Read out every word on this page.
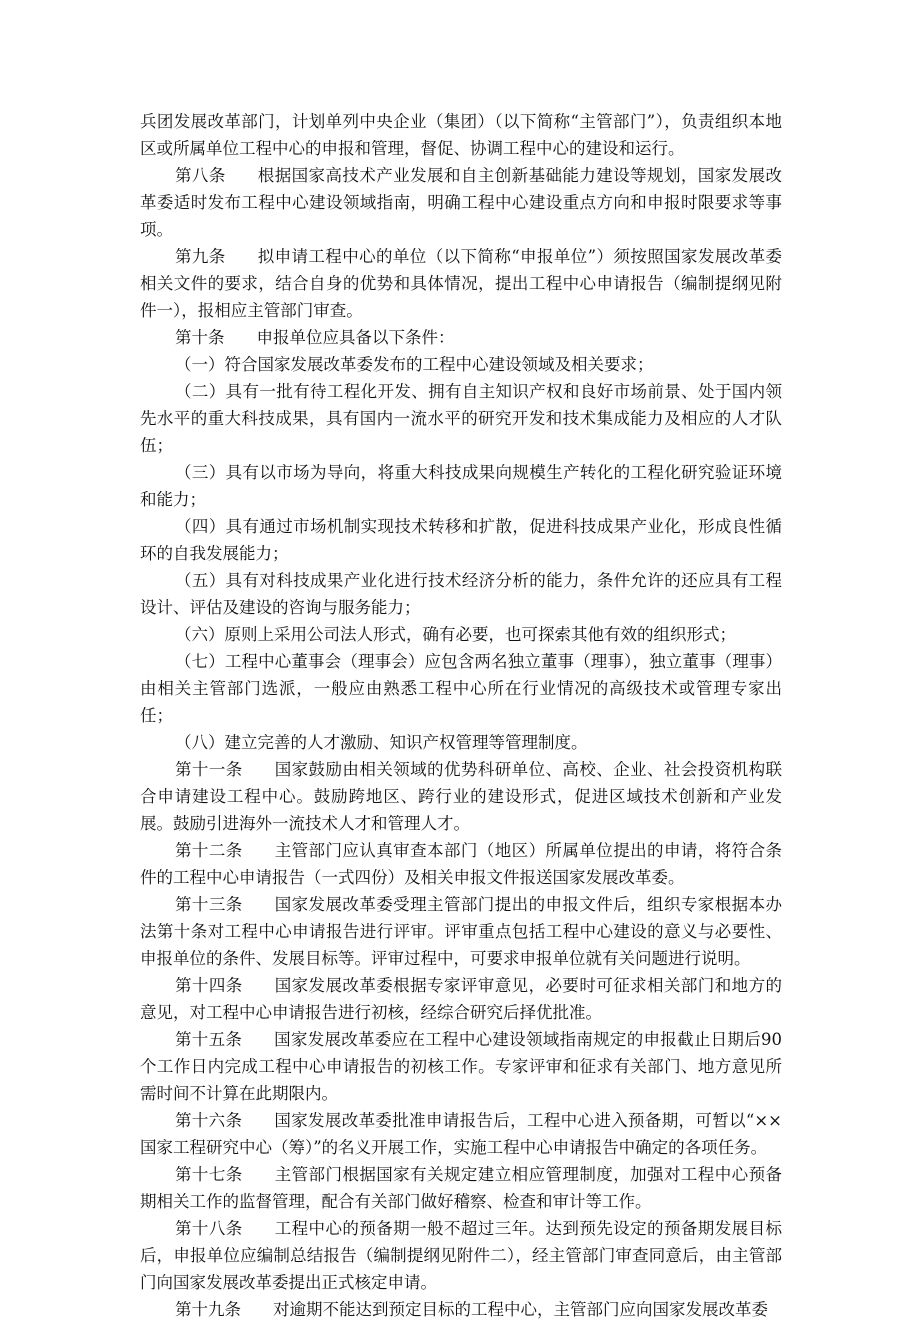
兵团发展改革部门，计划单列中央企业（集团）（以下简称“主管部门”），负责组织本地区或所属单位工程中心的申报和管理，督促、协调工程中心的建设和运行。

第八条 根据国家高技术产业发展和自主创新基础能力建设等规划，国家发展改革委适时发布工程中心建设领域指南，明确工程中心建设重点方向和申报时限要求等事项。

第九条 拟申请工程中心的单位（以下简称“申报单位”）须按照国家发展改革委相关文件的要求，结合自身的优势和具体情况，提出工程中心申请报告（编制提纲见附件一），报相应主管部门审查。

第十条 申报单位应具备以下条件：

（一）符合国家发展改革委发布的工程中心建设领域及相关要求；

（二）具有一批有待工程化开发、拥有自主知识产权和良好市场前景、处于国内领先水平的重大科技成果，具有国内一流水平的研究开发和技术集成能力及相应的人才队伍；

（三）具有以市场为导向，将重大科技成果向规模生产转化的工程化研究验证环境和能力；

（四）具有通过市场机制实现技术转移和扩散，促进科技成果产业化，形成良性循环的自我发展能力；

（五）具有对科技成果产业化进行技术经济分析的能力，条件允许的还应具有工程设计、评估及建设的咨询与服务能力；

（六）原则上采用公司法人形式，确有必要，也可探索其他有效的组织形式；

（七）工程中心董事会（理事会）应包含两名独立董事（理事），独立董事（理事）由相关主管部门选派，一般应由熟悉工程中心所在行业情况的高级技术或管理专家出任；

（八）建立完善的人才激励、知识产权管理等管理制度。

第十一条 国家鼓励由相关领域的优势科研单位、高校、企业、社会投资机构联合申请建设工程中心。鼓励跨地区、跨行业的建设形式，促进区域技术创新和产业发展。鼓励引进海外一流技术人才和管理人才。

第十二条 主管部门应认真审查本部门（地区）所属单位提出的申请，将符合条件的工程中心申请报告（一式四份）及相关申报文件报送国家发展改革委。

第十三条 国家发展改革委受理主管部门提出的申报文件后，组织专家根据本办法第十条对工程中心申请报告进行评审。评审重点包括工程中心建设的意义与必要性、申报单位的条件、发展目标等。评审过程中，可要求申报单位就有关问题进行说明。

第十四条 国家发展改革委根据专家评审意见，必要时可征求相关部门和地方的意见，对工程中心申请报告进行初核，经综合研究后择优批准。

第十五条 国家发展改革委应在工程中心建设领域指南规定的申报截止日期后90个工作日内完成工程中心申请报告的初核工作。专家评审和征求有关部门、地方意见所需时间不计算在此期限内。

第十六条 国家发展改革委批准申请报告后，工程中心进入预备期，可暂以“××国家工程研究中心（筹）”的名义开展工作，实施工程中心申请报告中确定的各项任务。

第十七条 主管部门根据国家有关规定建立相应管理制度，加强对工程中心预备期相关工作的监督管理，配合有关部门做好稽察、检查和审计等工作。

第十八条 工程中心的预备期一般不超过三年。达到预先设定的预备期发展目标后，申报单位应编制总结报告（编制提纲见附件二），经主管部门审查同意后，由主管部门向国家发展改革委提出正式核定申请。

第十九条 对逾期不能达到预定目标的工程中心，主管部门应向国家发展改革委
